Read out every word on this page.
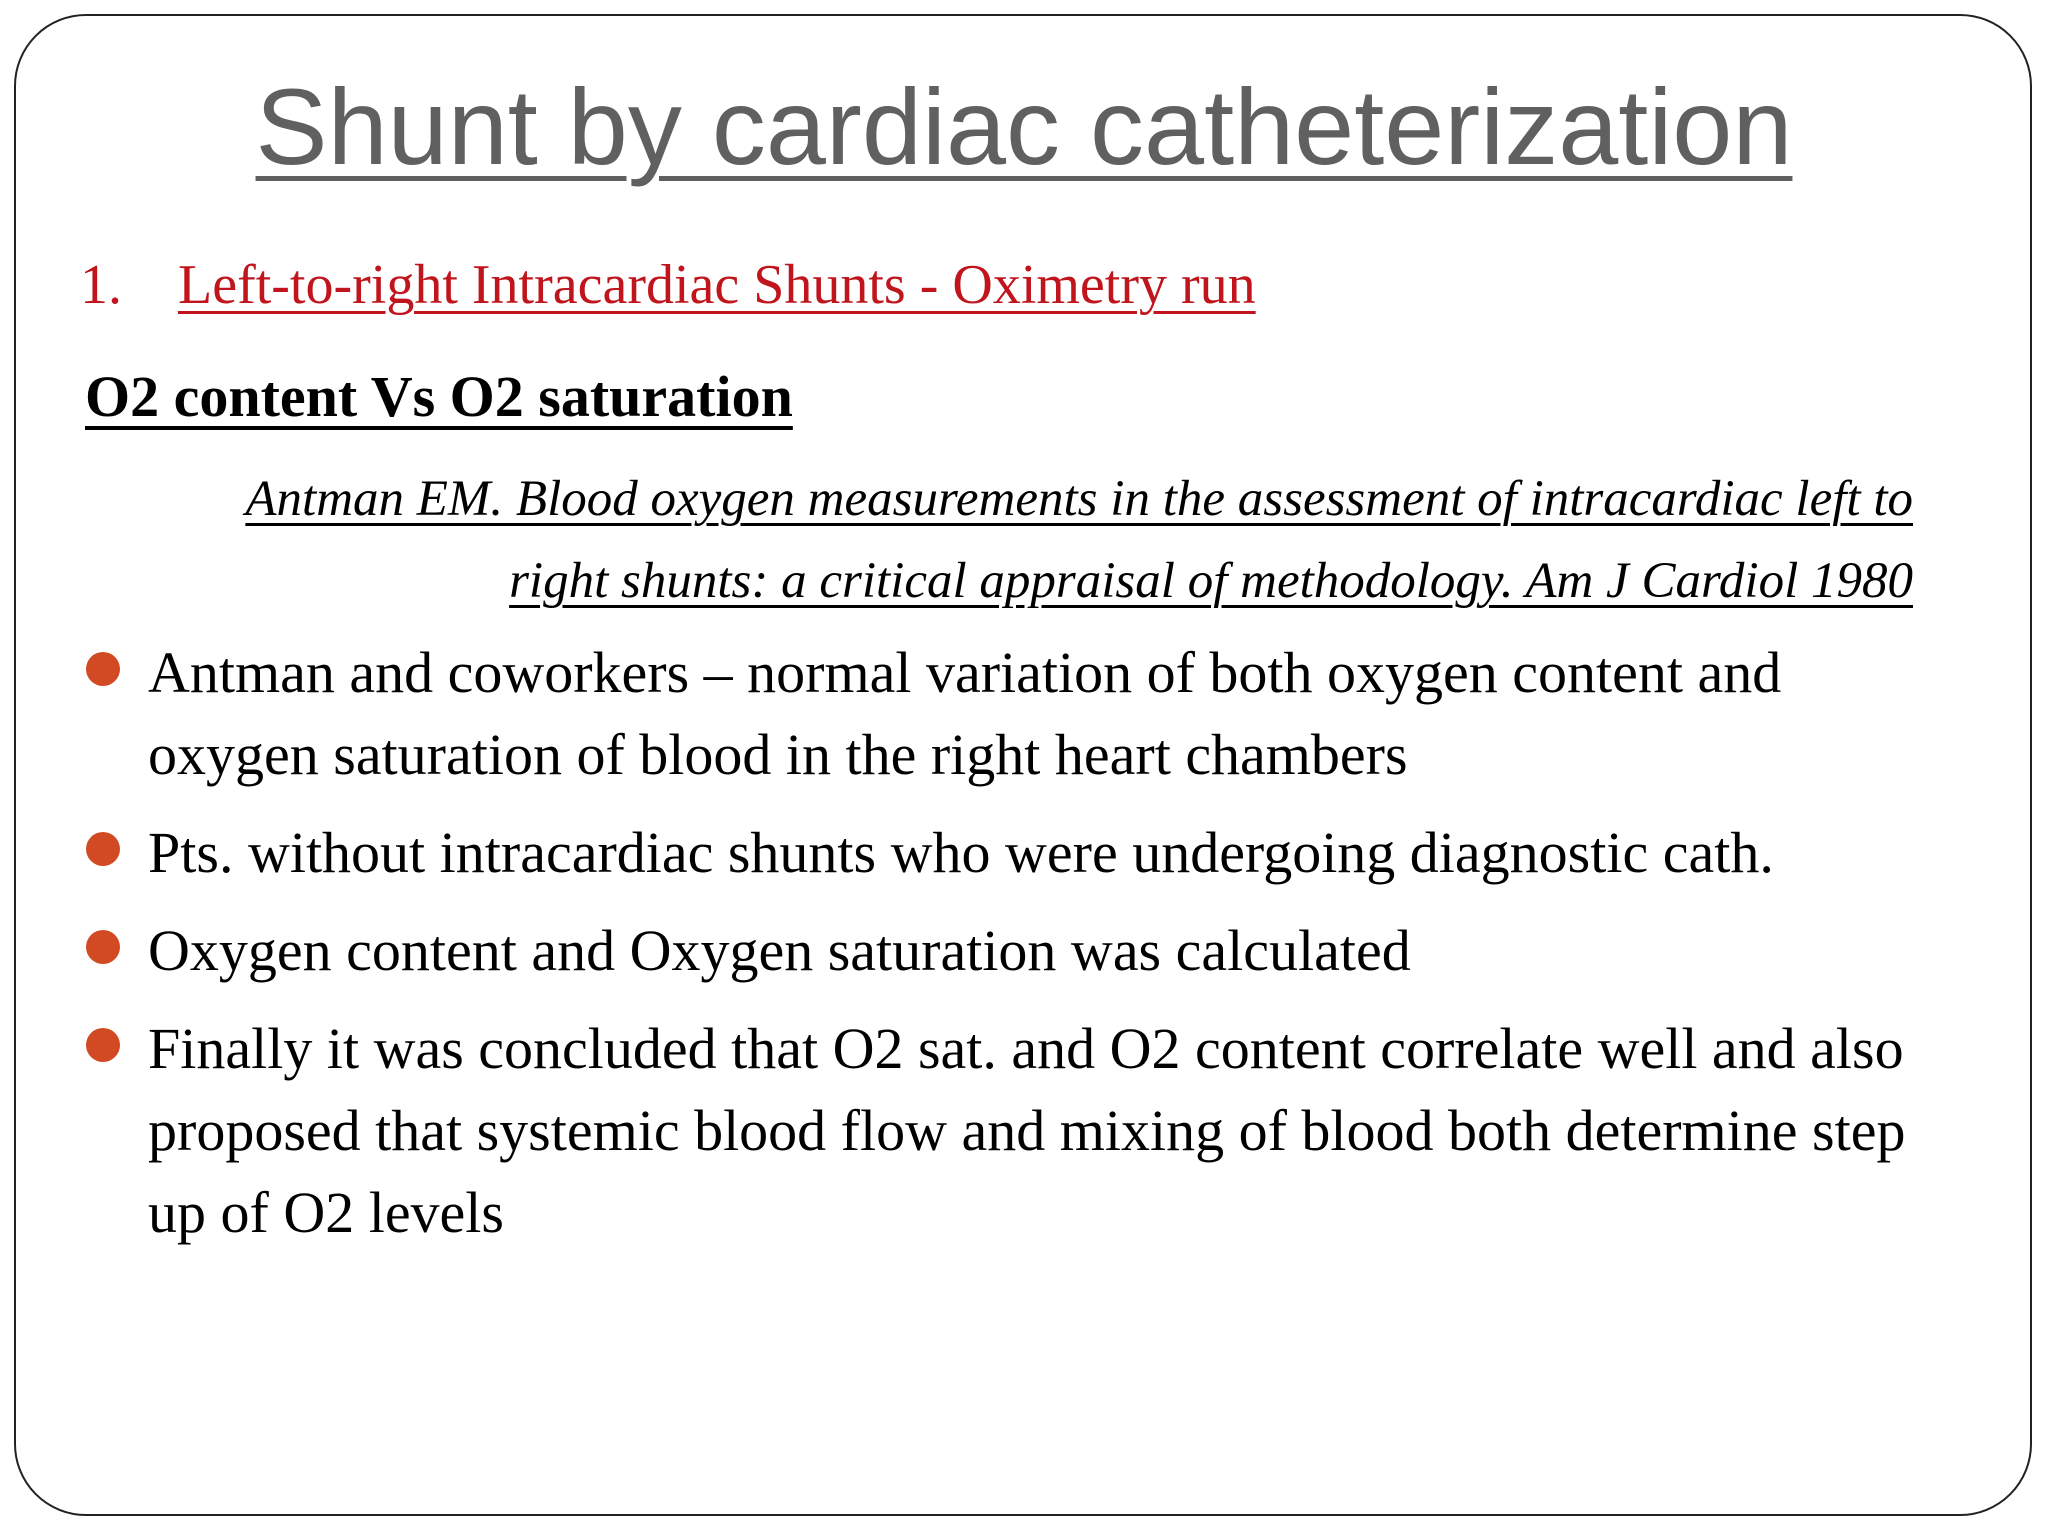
Shunt by cardiac catheterization
1. Left-to-right Intracardiac Shunts - Oximetry run
O2 content Vs O2 saturation
Antman EM. Blood oxygen measurements in the assessment of intracardiac left to
right shunts: a critical appraisal of methodology. Am J Cardiol 1980
Antman and coworkers – normal variation of both oxygen content and oxygen saturation of blood in the right heart chambers
Pts. without intracardiac shunts who were undergoing diagnostic cath.
Oxygen content and Oxygen saturation was calculated
Finally it was concluded that O2 sat. and O2 content correlate well and also proposed that systemic blood flow and mixing of blood both determine step up of O2 levels
